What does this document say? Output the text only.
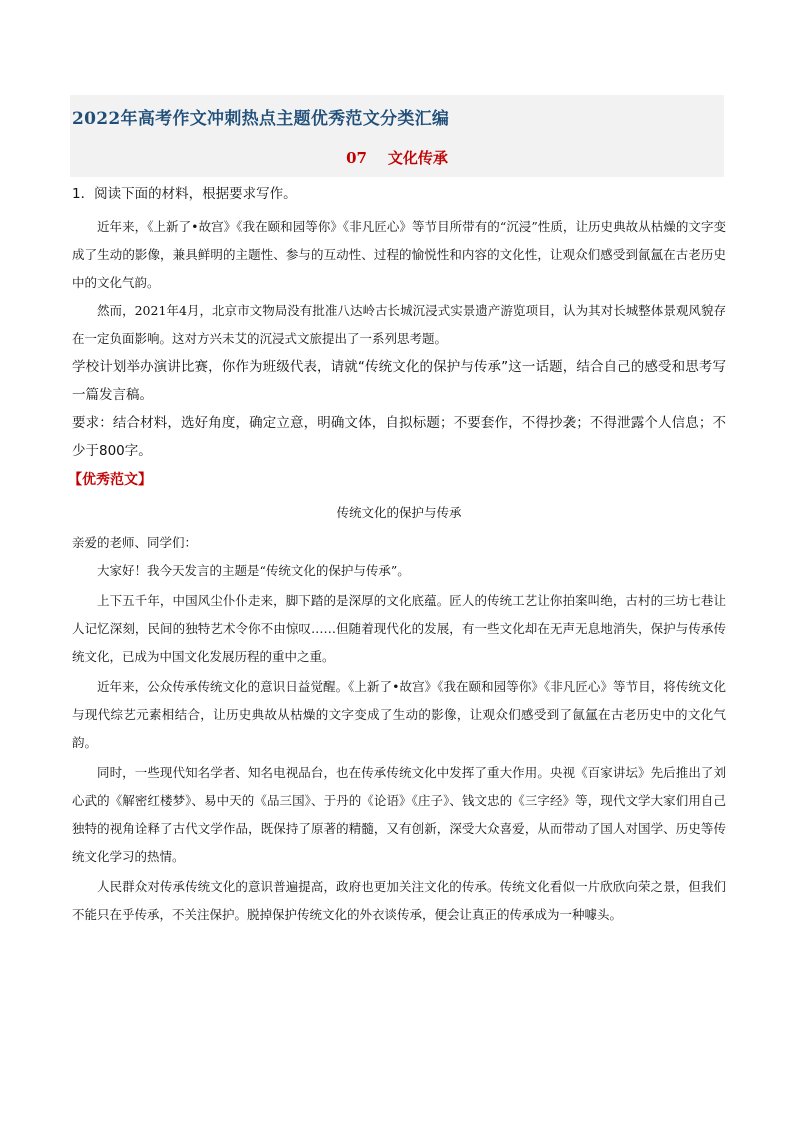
2022年高考作文冲刺热点主题优秀范文分类汇编
07    文化传承

1．阅读下面的材料，根据要求写作。

近年来，《上新了•故宫》《我在颐和园等你》《非凡匠心》等节目所带有的“沉浸”性质，让历史典故从枯燥的文字变成了生动的影像，兼具鲜明的主题性、参与的互动性、过程的愉悦性和内容的文化性，让观众们感受到氤氲在古老历史中的文化气韵。

然而，2021年4月，北京市文物局没有批准八达岭古长城沉浸式实景遗产游览项目，认为其对长城整体景观风貌存在一定负面影响。这对方兴未艾的沉浸式文旅提出了一系列思考题。

学校计划举办演讲比赛，你作为班级代表，请就“传统文化的保护与传承”这一话题，结合自己的感受和思考写一篇发言稿。

要求：结合材料，选好角度，确定立意，明确文体，自拟标题；不要套作，不得抄袭；不得泄露个人信息；不少于800字。

【优秀范文】
传统文化的保护与传承

亲爱的老师、同学们：

大家好！我今天发言的主题是“传统文化的保护与传承”。

上下五千年，中国风尘仆仆走来，脚下踏的是深厚的文化底蕴。匠人的传统工艺让你拍案叫绝，古村的三坊七巷让人记忆深刻，民间的独特艺术令你不由惊叹……但随着现代化的发展，有一些文化却在无声无息地消失，保护与传承传统文化，已成为中国文化发展历程的重中之重。

近年来，公众传承传统文化的意识日益觉醒。《上新了•故宫》《我在颐和园等你》《非凡匠心》等节目，将传统文化与现代综艺元素相结合，让历史典故从枯燥的文字变成了生动的影像，让观众们感受到了氤氲在古老历史中的文化气韵。

同时，一些现代知名学者、知名电视品台，也在传承传统文化中发挥了重大作用。央视《百家讲坛》先后推出了刘心武的《解密红楼梦》、易中天的《品三国》、于丹的《论语》《庄子》、钱文忠的《三字经》等，现代文学大家们用自己独特的视角诠释了古代文学作品，既保持了原著的精髓，又有创新，深受大众喜爱，从而带动了国人对国学、历史等传统文化学习的热情。

人民群众对传承传统文化的意识普遍提高，政府也更加关注文化的传承。传统文化看似一片欣欣向荣之景，但我们不能只在乎传承，不关注保护。脱掉保护传统文化的外衣谈传承，便会让真正的传承成为一种噱头。
